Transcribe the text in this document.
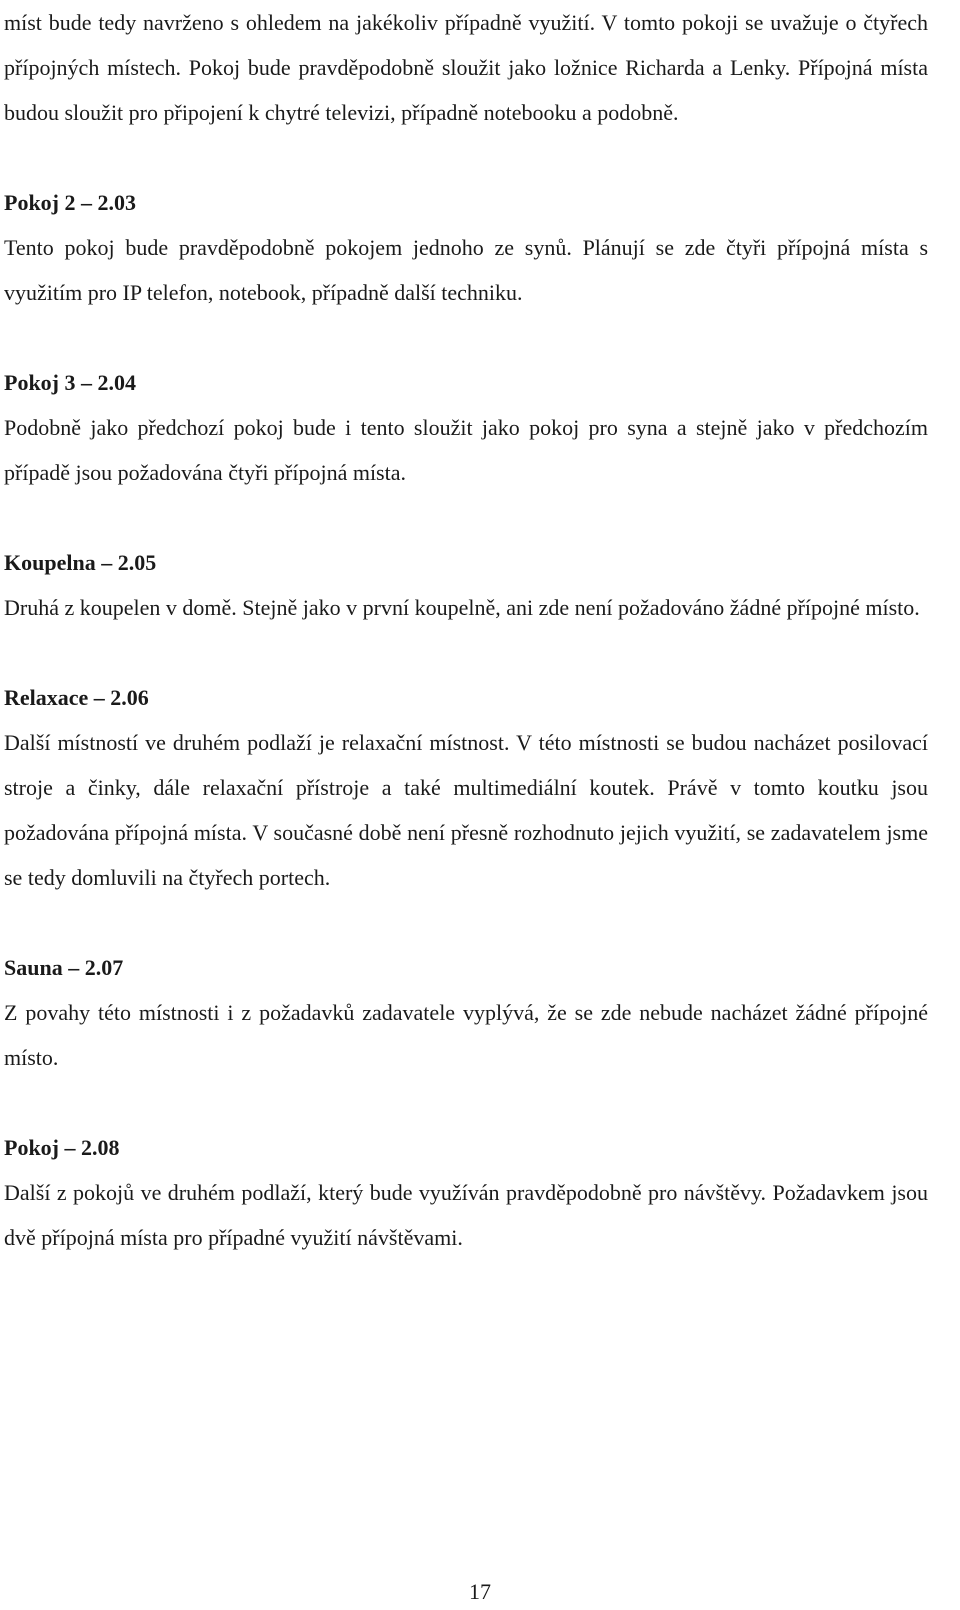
míst bude tedy navrženo s ohledem na jakékoliv případně využití. V tomto pokoji se uvažuje o čtyřech přípojných místech. Pokoj bude pravděpodobně sloužit jako ložnice Richarda a Lenky. Přípojná místa budou sloužit pro připojení k chytré televizi, případně notebooku a podobně.

Pokoj 2 – 2.03

Tento pokoj bude pravděpodobně pokojem jednoho ze synů. Plánují se zde čtyři přípojná místa s využitím pro IP telefon, notebook, případně další techniku.

Pokoj 3 – 2.04

Podobně jako předchozí pokoj bude i tento sloužit jako pokoj pro syna a stejně jako v předchozím případě jsou požadována čtyři přípojná místa.

Koupelna – 2.05

Druhá z koupelen v domě. Stejně jako v první koupelně, ani zde není požadováno žádné přípojné místo.

Relaxace – 2.06

Další místností ve druhém podlaží je relaxační místnost. V této místnosti se budou nacházet posilovací stroje a činky, dále relaxační přístroje a také multimediální koutek. Právě v tomto koutku jsou požadována přípojná místa. V současné době není přesně rozhodnuto jejich využití, se zadavatelem jsme se tedy domluvili na čtyřech portech.

Sauna – 2.07

Z povahy této místnosti i z požadavků zadavatele vyplývá, že se zde nebude nacházet žádné přípojné místo.

Pokoj – 2.08

Další z pokojů ve druhém podlaží, který bude využíván pravděpodobně pro návštěvy. Požadavkem jsou dvě přípojná místa pro případné využití návštěvami.

17
